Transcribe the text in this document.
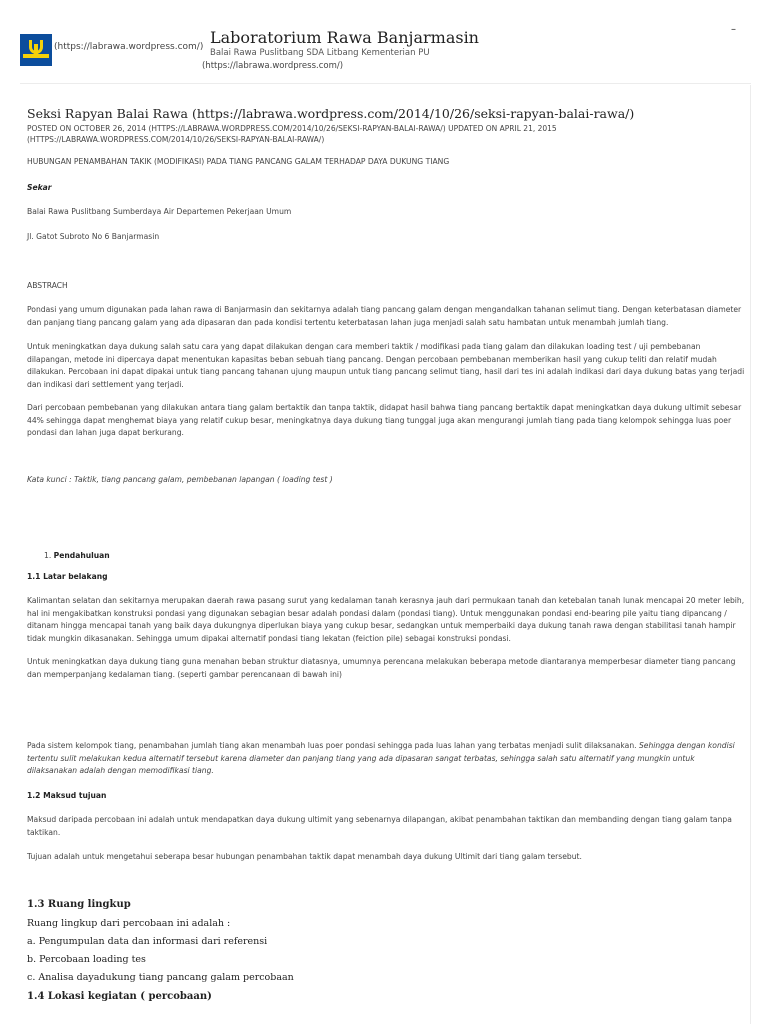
(https://labrawa.wordpress.com/) Laboratorium Rawa Banjarmasin
Balai Rawa Puslitbang SDA Litbang Kementerian PU
(https://labrawa.wordpress.com/)
–
Seksi Rapyan Balai Rawa (https://labrawa.wordpress.com/2014/10/26/seksi-rapyan-balai-rawa/)
POSTED ON OCTOBER 26, 2014 (HTTPS://LABRAWA.WORDPRESS.COM/2014/10/26/SEKSI-RAPYAN-BALAI-RAWA/) UPDATED ON APRIL 21, 2015
(HTTPS://LABRAWA.WORDPRESS.COM/2014/10/26/SEKSI-RAPYAN-BALAI-RAWA/)
HUBUNGAN PENAMBAHAN TAKIK (MODIFIKASI) PADA TIANG PANCANG GALAM TERHADAP DAYA DUKUNG TIANG
Sekar
Balai Rawa Puslitbang Sumberdaya Air Departemen Pekerjaan Umum
Jl. Gatot Subroto No 6 Banjarmasin
ABSTRACH
Pondasi yang umum digunakan pada lahan rawa di Banjarmasin dan sekitarnya adalah tiang pancang galam dengan mengandalkan tahanan selimut tiang. Dengan keterbatasan diameter dan panjang tiang pancang galam yang ada dipasaran dan pada kondisi tertentu keterbatasan lahan juga menjadi salah satu hambatan untuk menambah jumlah tiang.
Untuk meningkatkan daya dukung salah satu cara yang dapat dilakukan dengan cara memberi taktik / modifikasi pada tiang galam dan dilakukan loading test / uji pembebanan dilapangan, metode ini dipercaya dapat menentukan kapasitas beban sebuah tiang pancang. Dengan percobaan pembebanan memberikan hasil yang cukup teliti dan relatif mudah dilakukan. Percobaan ini dapat dipakai untuk tiang pancang tahanan ujung maupun untuk tiang pancang selimut tiang, hasil dari tes ini adalah indikasi dari daya dukung batas yang terjadi dan indikasi dari settlement yang terjadi.
Dari percobaan pembebanan yang dilakukan antara tiang galam bertaktik dan tanpa taktik, didapat hasil bahwa tiang pancang bertaktik dapat meningkatkan daya dukung ultimit sebesar 44% sehingga dapat menghemat biaya yang relatif cukup besar, meningkatnya daya dukung tiang tunggal juga akan mengurangi jumlah tiang pada tiang kelompok sehingga luas poer pondasi dan lahan juga dapat berkurang.
Kata kunci : Taktik, tiang pancang galam, pembebanan lapangan ( loading test )
1. Pendahuluan
1.1 Latar belakang
Kalimantan selatan dan sekitarnya merupakan daerah rawa pasang surut yang kedalaman tanah kerasnya jauh dari permukaan tanah dan ketebalan tanah lunak mencapai 20 meter lebih, hal ini mengakibatkan konstruksi pondasi yang digunakan sebagian besar adalah pondasi dalam (pondasi tiang). Untuk menggunakan pondasi end-bearing pile yaitu tiang dipancang / ditanam hingga mencapai tanah yang baik daya dukungnya diperlukan biaya yang cukup besar, sedangkan untuk memperbaiki daya dukung tanah rawa dengan stabilitasi tanah hampir tidak mungkin dikasanakan. Sehingga umum dipakai alternatif pondasi tiang lekatan (feiction pile) sebagai konstruksi pondasi.
Untuk meningkatkan daya dukung tiang guna menahan beban struktur diatasnya, umumnya perencana melakukan beberapa metode diantaranya memperbesar diameter tiang pancang dan memperpanjang kedalaman tiang. (seperti gambar perencanaan di bawah ini)
Pada sistem kelompok tiang, penambahan jumlah tiang akan menambah luas poer pondasi sehingga pada luas lahan yang terbatas menjadi sulit dilaksanakan. Sehingga dengan kondisi tertentu sulit melakukan kedua alternatif tersebut karena diameter dan panjang tiang yang ada dipasaran sangat terbatas, sehingga salah satu alternatif yang mungkin untuk dilaksanakan adalah dengan memodifikasi tiang.
1.2 Maksud tujuan
Maksud daripada percobaan ini adalah untuk mendapatkan daya dukung ultimit yang sebenarnya dilapangan, akibat penambahan taktikan dan membanding dengan tiang galam tanpa taktikan.
Tujuan adalah untuk mengetahui seberapa besar hubungan penambahan taktik dapat menambah daya dukung Ultimit dari tiang galam tersebut.
1.3 Ruang lingkup
Ruang lingkup dari percobaan ini adalah :
a. Pengumpulan data dan informasi dari referensi
b. Percobaan loading tes
c. Analisa dayadukung tiang pancang galam percobaan
1.4 Lokasi kegiatan ( percobaan)
